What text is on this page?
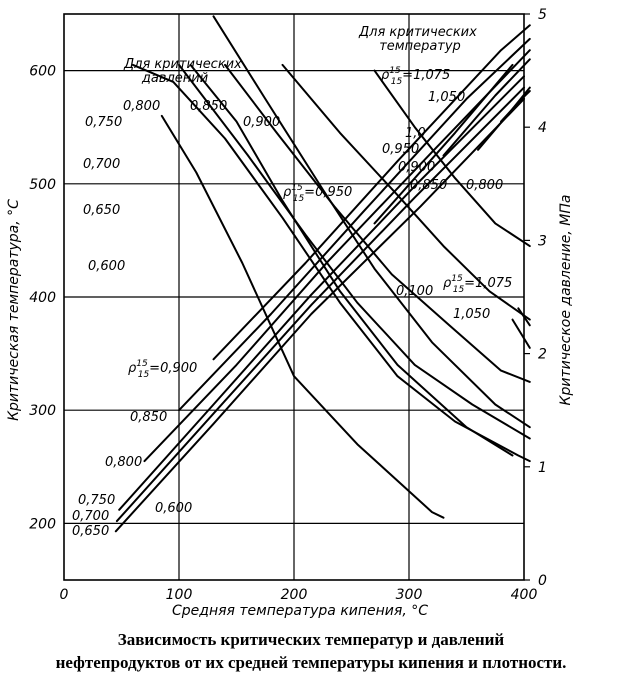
0	100	200	300	400
200
300
400
500
600
0
1
2
3
4
5
Средняя температура кипения, °C
Критическая температура, °C	Критическое давление, МПа
Для критических температур
Для критических давлений
0,650
0,700
0,750
0,800
0,850
$\rho^{15}$ 15=0,900
$\rho^{15}$ 15=0,950
$\rho^{15}$ 15=1,075
1,050
1,0
0,950
0,900
0,850 0,800
0,750
0,800 0,850
0,900
0,700
0,650
0,600
0,100
$\rho^{15}$ 15=1,075
1,050
0,600
Зависимость критических температур и давлений
нефтепродуктов от их средней температуры кипения и плотности.
